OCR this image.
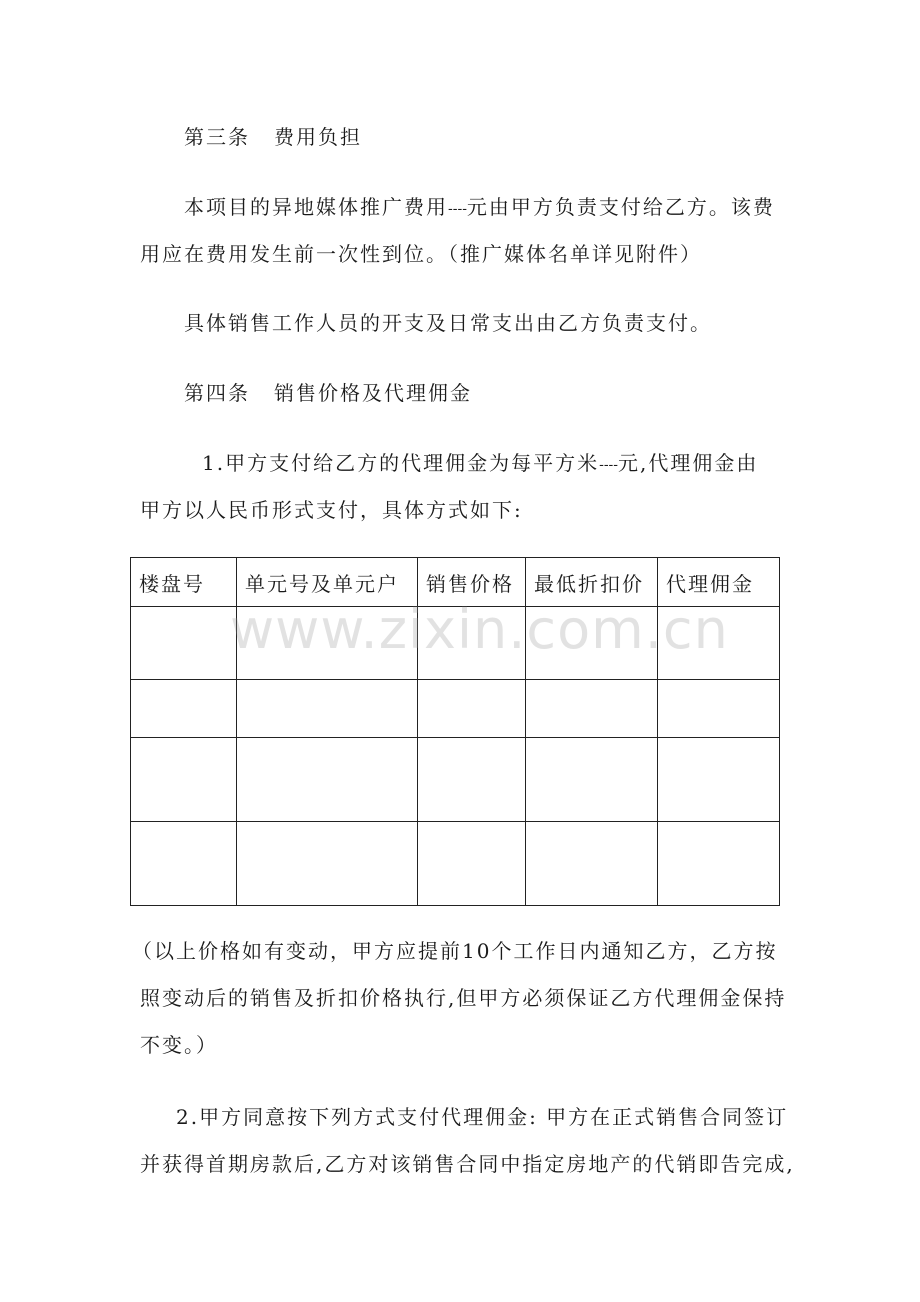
第三条 费用负担
本项目的异地媒体推广费用----元由甲方负责支付给乙方。该费
用应在费用发生前一次性到位。（推广媒体名单详见附件）
具体销售工作人员的开支及日常支出由乙方负责支付。
第四条 销售价格及代理佣金
1.甲方支付给乙方的代理佣金为每平方米----元,代理佣金由
甲方以人民币形式支付，具体方式如下:
楼盘号	单元号及单元户	销售价格	最低折扣价	代理佣金

www.zixin.com.cn
（以上价格如有变动，甲方应提前10个工作日内通知乙方，乙方按
照变动后的销售及折扣价格执行,但甲方必须保证乙方代理佣金保持
不变。）
2.甲方同意按下列方式支付代理佣金: 甲方在正式销售合同签订
并获得首期房款后,乙方对该销售合同中指定房地产的代销即告完成,
